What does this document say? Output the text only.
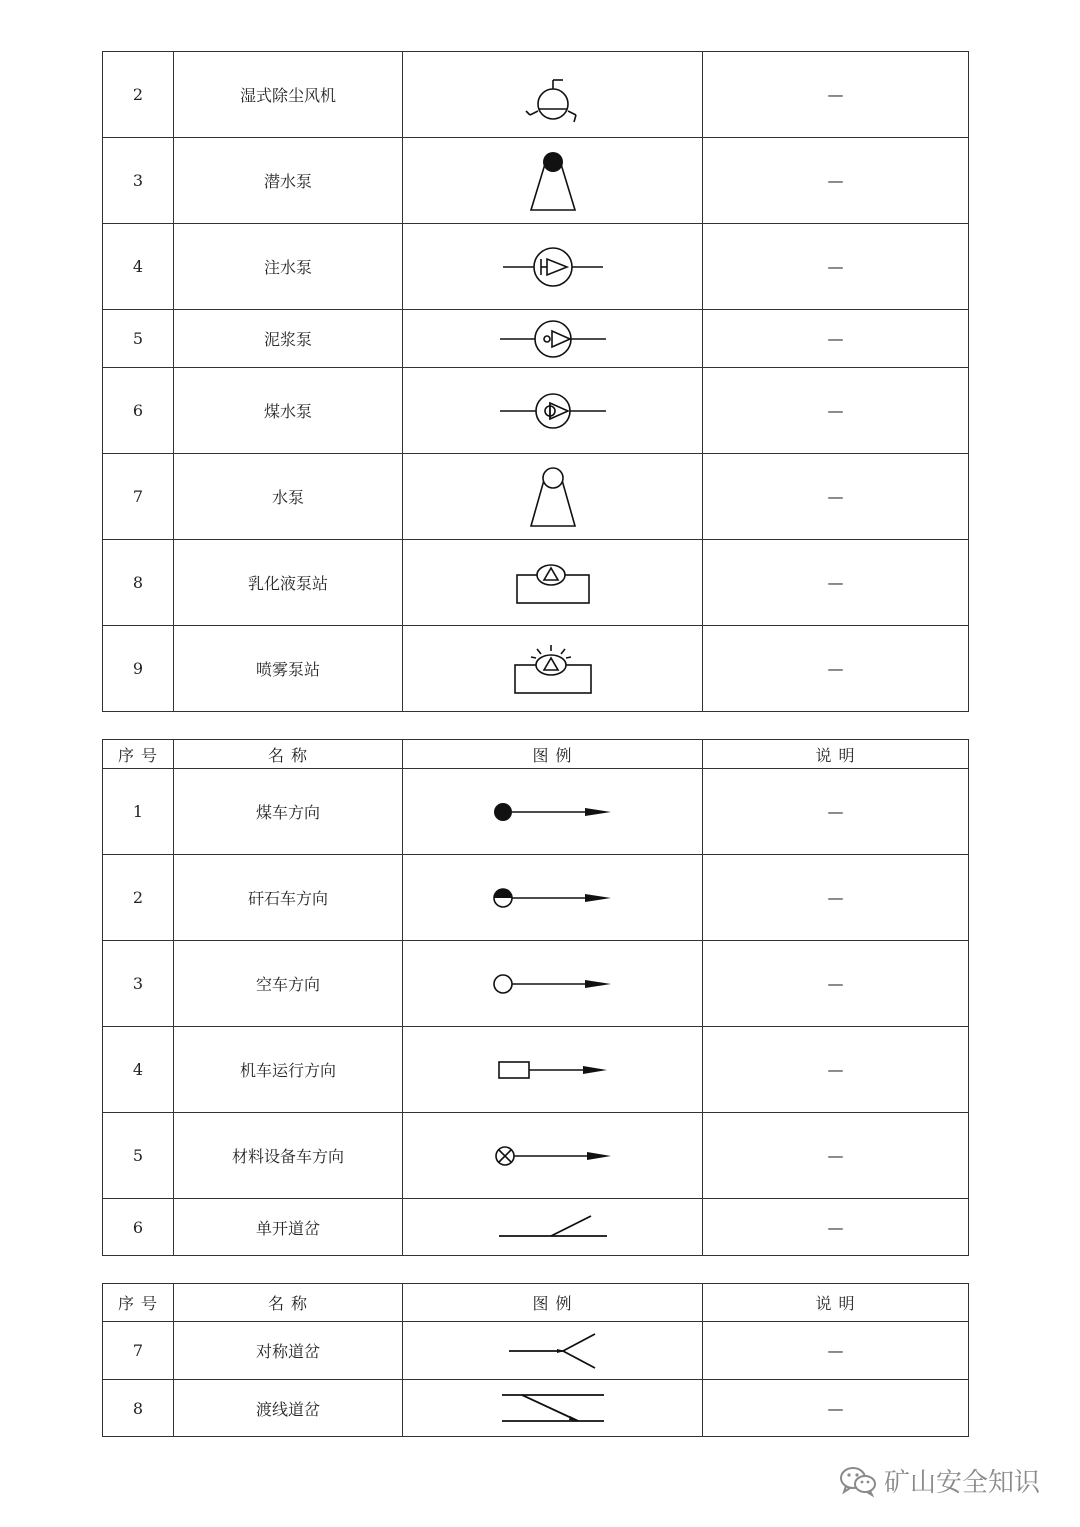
2	湿式除尘风机		—
3	潜水泵		—
4	注水泵		—
5	泥浆泵		—
6	煤水泵		—
7	水泵		—
8	乳化液泵站		—
9	喷雾泵站		—
序 号	名 称	图 例	说 明
1	煤车方向		—
2	矸石车方向		—
3	空车方向		—
4	机车运行方向		—
5	材料设备车方向		—
6	单开道岔		—
序 号	名 称	图 例	说 明
7	对称道岔		—
8	渡线道岔		—
矿山安全知识
